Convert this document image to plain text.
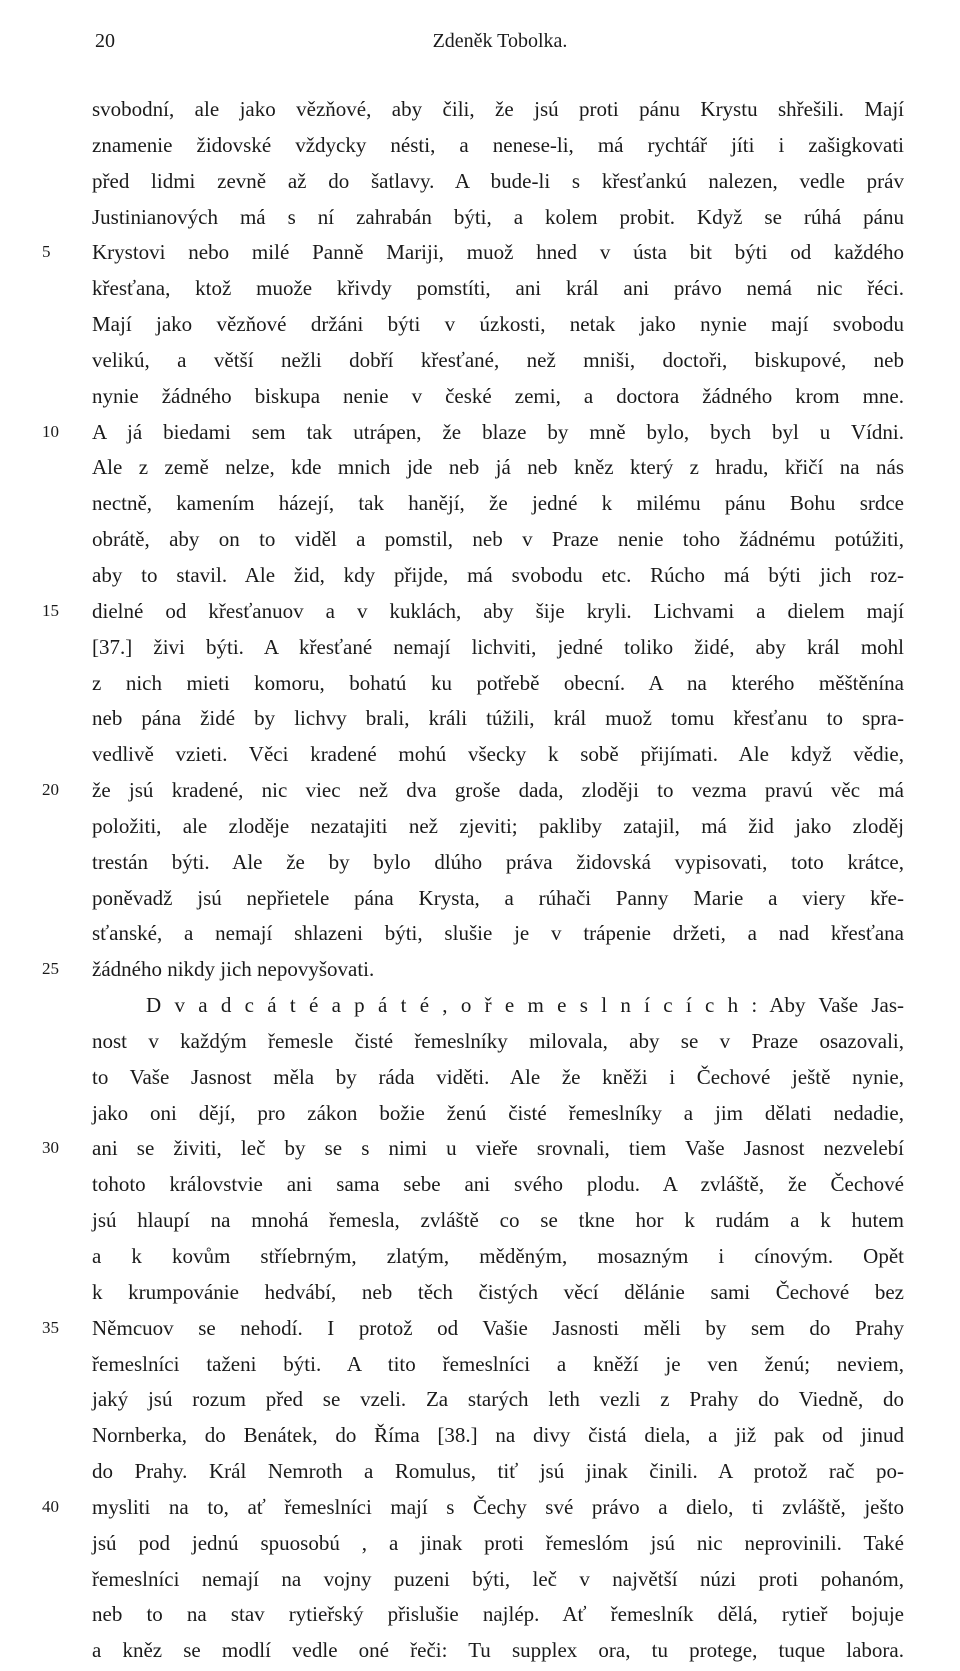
20	Zdeněk Tobolka.
svobodní, ale jako vězňové, aby čili, že jsú proti pánu Krystu shřešili. Mají
znamenie židovské vždycky nésti, a nenese-li, má rychtář jíti i zašigkovati
před lidmi zevně až do šatlavy. A bude-li s křesťankú nalezen, vedle práv
Justinianových má s ní zahrabán býti, a kolem probit. Když se rúhá pánu
5	Krystovi nebo milé Panně Mariji, muož hned v ústa bit býti od každého
křesťana, ktož muože křivdy pomstíti, ani král ani právo nemá nic řéci.
Mají jako vězňové držáni býti v úzkosti, netak jako nynie mají svobodu
velikú, a větší nežli dobří křesťané, než mniši, doctoři, biskupové, neb
nynie žádného biskupa nenie v české zemi, a doctora žádného krom mne.
10	A já biedami sem tak utrápen, že blaze by mně bylo, bych byl u Vídni.
Ale z země nelze, kde mnich jde neb já neb kněz který z hradu, křičí na nás
nectně, kamením házejí, tak hanějí, že jedné k milému pánu Bohu srdce
obrátě, aby on to viděl a pomstil, neb v Praze nenie toho žádnému potúžiti,
aby to stavil. Ale žid, kdy přijde, má svobodu etc. Rúcho má býti jich roz-
15	dielné od křesťanuov a v kuklách, aby šije kryli. Lichvami a dielem mají
[37.] živi býti. A křesťané nemají lichviti, jedné toliko židé, aby král mohl
z nich mieti komoru, bohatú ku potřebě obecní. A na kterého měštěnína
neb pána židé by lichvy brali, králi túžili, král muož tomu křesťanu to spra-
vedlivě vzieti. Věci kradené mohú všecky k sobě přijímati. Ale když vědie,
20	že jsú kradené, nic viec než dva groše dada, zloději to vezma pravú věc má
položiti, ale zloděje nezatajiti než zjeviti; pakliby zatajil, má žid jako zloděj
trestán býti. Ale že by bylo dlúho práva židovská vypisovati, toto krátce,
poněvadž jsú nepřietele pána Krysta, a rúhači Panny Marie a viery kře-
sťanské, a nemají shlazeni býti, slušie je v trápenie držeti, a nad křesťana
25	žádného nikdy jich nepovyšovati.
D v a d c á t é a p á t é , o ř e m e s l n í c í c h : Aby Vaše Jas-
nost v každým řemesle čisté řemeslníky milovala, aby se v Praze osazovali,
to Vaše Jasnost měla by ráda viděti. Ale že kněži i Čechové ještě nynie,
jako oni dějí, pro zákon božie ženú čisté řemeslníky a jim dělati nedadie,
30	ani se živiti, leč by se s nimi u vieře srovnali, tiem Vaše Jasnost nezvelebí
tohoto královstvie ani sama sebe ani svého plodu. A zvláště, že Čechové
jsú hlaupí na mnohá řemesla, zvláště co se tkne hor k rudám a k hutem
a k kovům stříebrným, zlatým, měděným, mosazným i cínovým. Opět
k krumpovánie hedvábí, neb těch čistých věcí dělánie sami Čechové bez
35	Němcuov se nehodí. I protož od Vašie Jasnosti měli by sem do Prahy
řemeslníci taženi býti. A tito řemeslníci a kněží je ven ženú; neviem,
jaký jsú rozum před se vzeli. Za starých leth vezli z Prahy do Viedně, do
Nornberka, do Benátek, do Říma [38.] na divy čistá diela, a již pak od jinud
do Prahy. Král Nemroth a Romulus, tiť jsú jinak činili. A protož rač po-
40	mysliti na to, ať řemeslníci mají s Čechy své právo a dielo, ti zvláště, ješto
jsú pod jednú spuosobú , a jinak proti řemeslóm jsú nic neprovinili. Také
řemeslníci nemají na vojny puzeni býti, leč v najvětší núzi proti pohanóm,
neb to na stav rytieřský přislušie najlép. Ať řemeslník dělá, rytieř bojuje
a kněz se modlí vedle oné řeči: Tu supplex ora, tu protege, tuque labora.
